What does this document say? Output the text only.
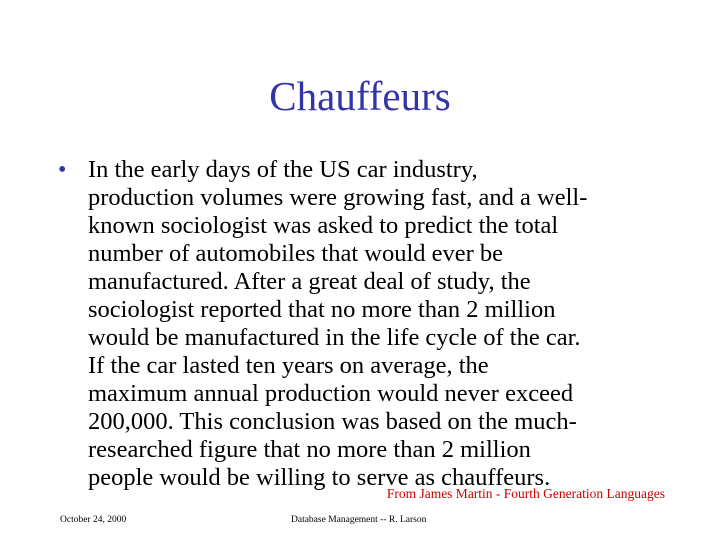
Chauffeurs
• In the early days of the US car industry,
production volumes were growing fast, and a well-
known sociologist was asked to predict the total
number of automobiles that would ever be
manufactured. After a great deal of study, the
sociologist reported that no more than 2 million
would be manufactured in the life cycle of the car.
If the car lasted ten years on average, the
maximum annual production would never exceed
200,000. This conclusion was based on the much-
researched figure that no more than 2 million
people would be willing to serve as chauffeurs.
From James Martin - Fourth Generation Languages
October 24, 2000	Database Management -- R. Larson
